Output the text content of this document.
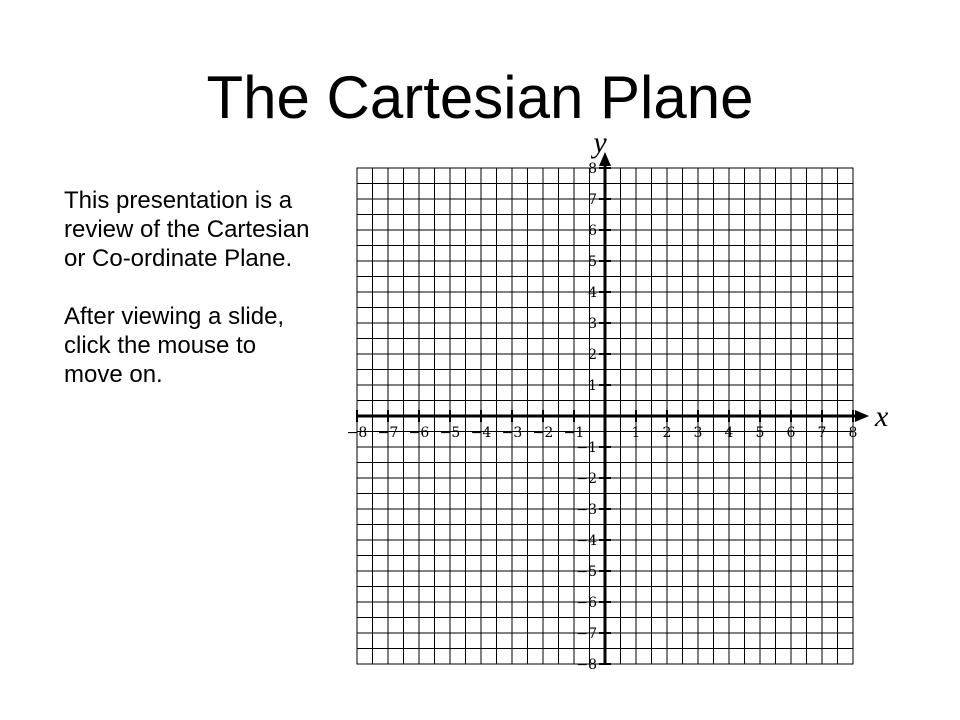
The Cartesian Plane

This presentation is a review of the Cartesian or Co-ordinate Plane.

After viewing a slide, click the mouse to move on.

−8 −7 −6 −5 −4 −3 −2 −1	1 2 3 4 5 6 7 8
8
7
6
5
4
3
2
1
−1
−2
−3
−4
−5
−6
−7
−8
x
y
